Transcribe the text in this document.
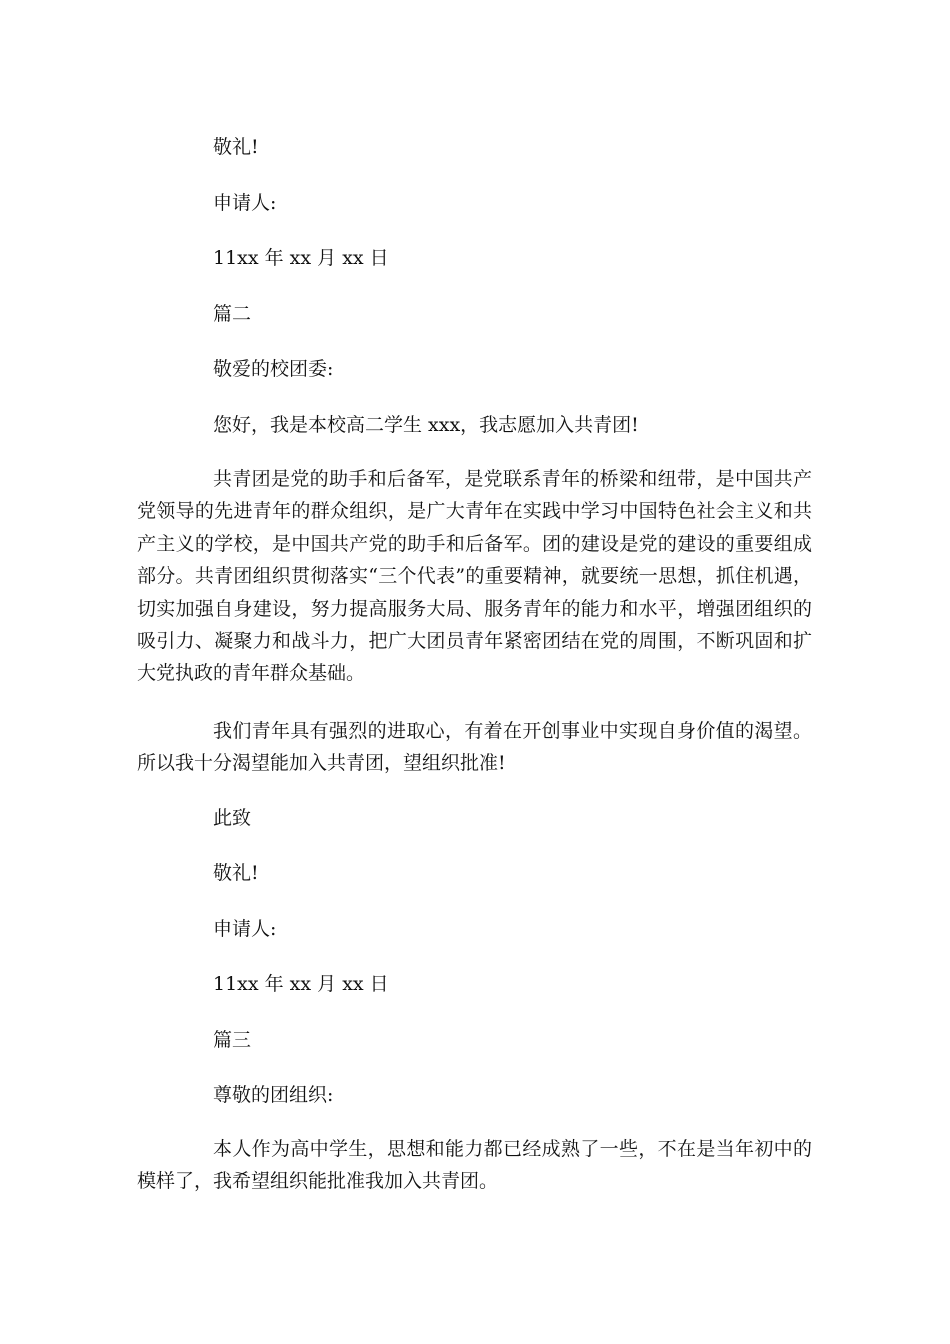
敬礼!

申请人:

11xx 年 xx 月 xx 日

篇二

敬爱的校团委:

您好，我是本校高二学生 xxx，我志愿加入共青团!

共青团是党的助手和后备军，是党联系青年的桥梁和纽带，是中国共产党领导的先进青年的群众组织，是广大青年在实践中学习中国特色社会主义和共产主义的学校，是中国共产党的助手和后备军。团的建设是党的建设的重要组成部分。共青团组织贯彻落实“三个代表”的重要精神，就要统一思想，抓住机遇，切实加强自身建设，努力提高服务大局、服务青年的能力和水平，增强团组织的吸引力、凝聚力和战斗力，把广大团员青年紧密团结在党的周围，不断巩固和扩大党执政的青年群众基础。

我们青年具有强烈的进取心，有着在开创事业中实现自身价值的渴望。所以我十分渴望能加入共青团，望组织批准!

此致

敬礼!

申请人:

11xx 年 xx 月 xx 日

篇三

尊敬的团组织:

本人作为高中学生，思想和能力都已经成熟了一些，不在是当年初中的模样了，我希望组织能批准我加入共青团。
